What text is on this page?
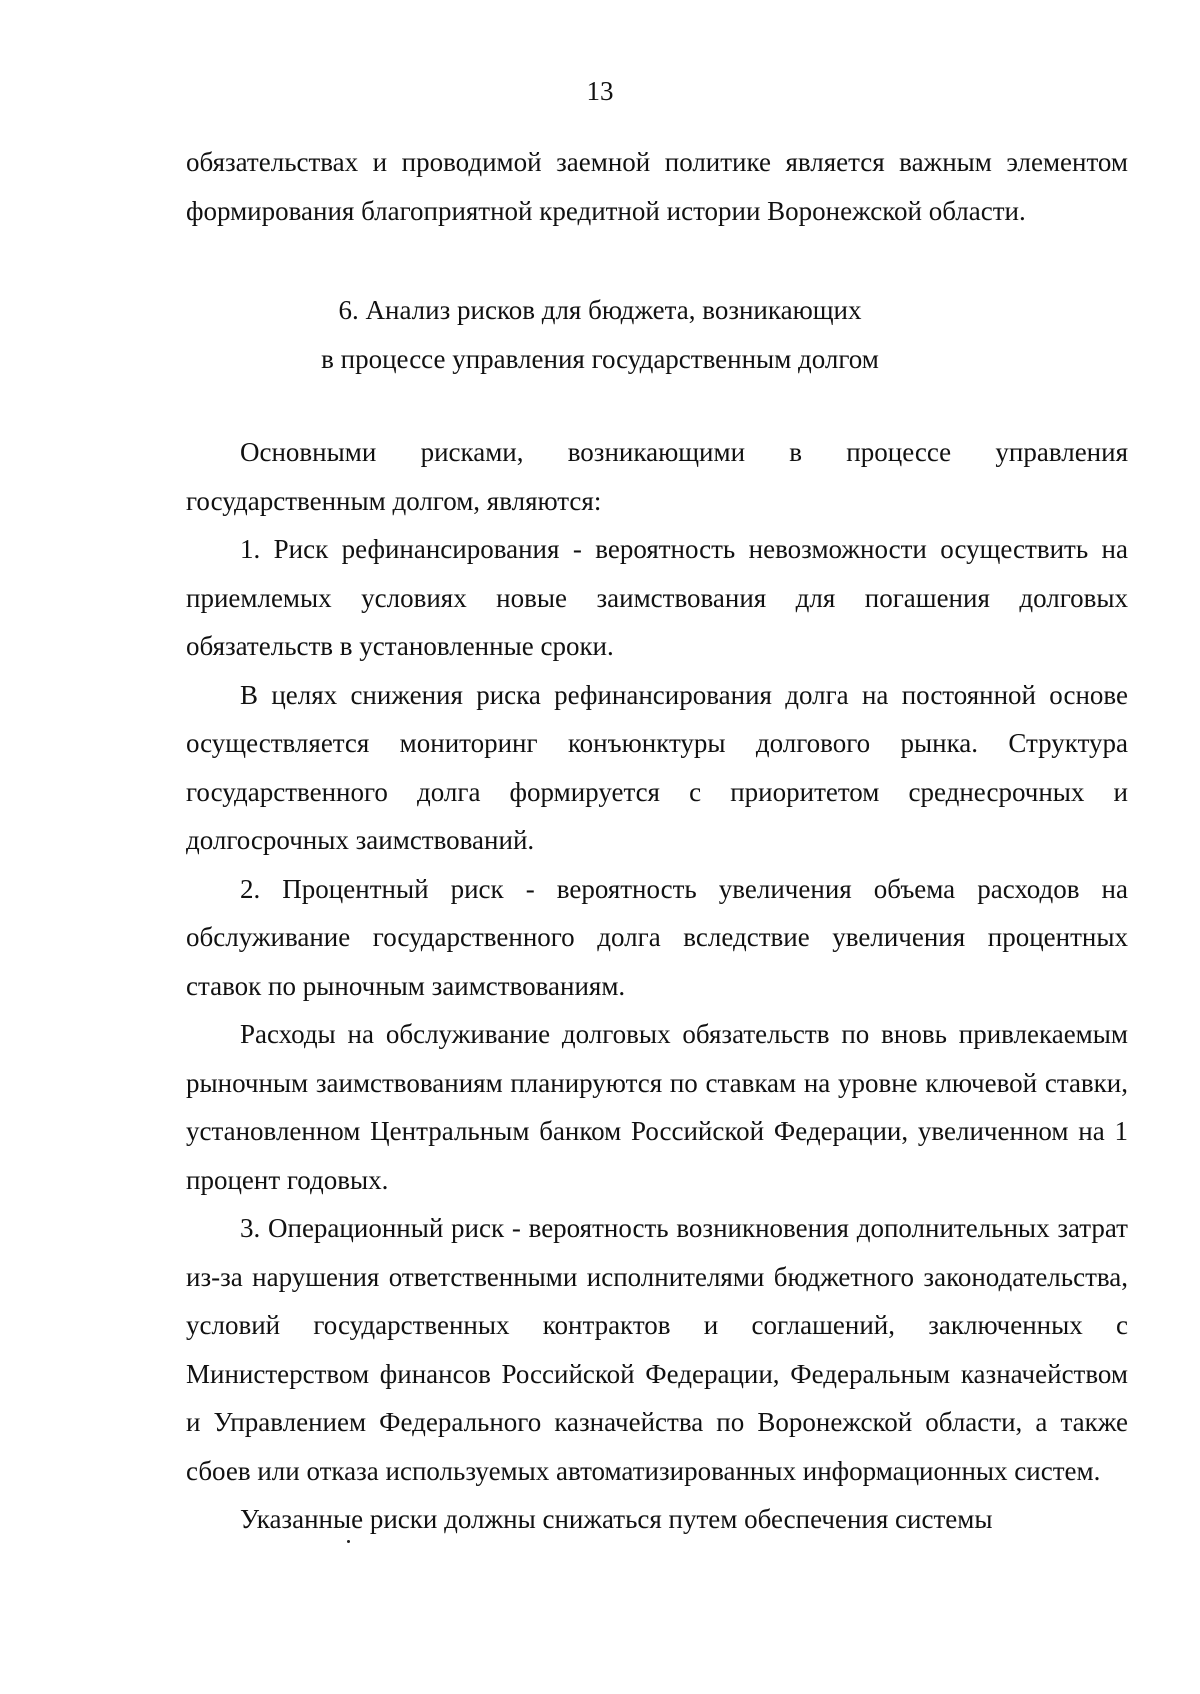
13

обязательствах и проводимой заемной политике является важным элементом формирования благоприятной кредитной истории Воронежской области.

6. Анализ рисков для бюджета, возникающих

в процессе управления государственным долгом

Основными рисками, возникающими в процессе управления государственным долгом, являются:

1. Риск рефинансирования - вероятность невозможности осуществить на приемлемых условиях новые заимствования для погашения долговых обязательств в установленные сроки.

В целях снижения риска рефинансирования долга на постоянной основе осуществляется мониторинг конъюнктуры долгового рынка. Структура государственного долга формируется с приоритетом среднесрочных и долгосрочных заимствований.

2. Процентный риск - вероятность увеличения объема расходов на обслуживание государственного долга вследствие увеличения процентных ставок по рыночным заимствованиям.

Расходы на обслуживание долговых обязательств по вновь привлекаемым рыночным заимствованиям планируются по ставкам на уровне ключевой ставки, установленном Центральным банком Российской Федерации, увеличенном на 1 процент годовых.

3. Операционный риск - вероятность возникновения дополнительных затрат из-за нарушения ответственными исполнителями бюджетного законодательства, условий государственных контрактов и соглашений, заключенных с Министерством финансов Российской Федерации, Федеральным казначейством и Управлением Федерального казначейства по Воронежской области, а также сбоев или отказа используемых автоматизированных информационных систем.

Указанные риски должны снижаться путем обеспечения системы
